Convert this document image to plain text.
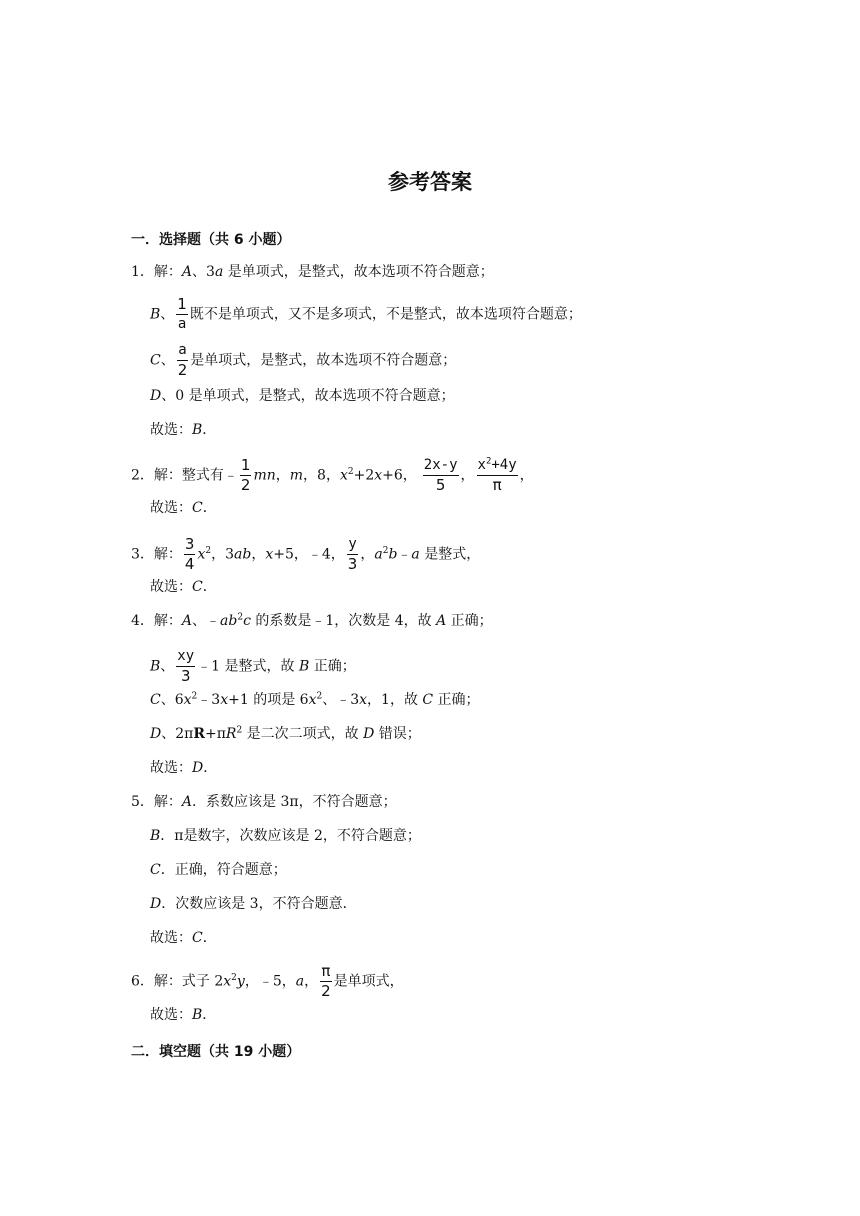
参考答案
一．选择题（共 6 小题）
1．解：A、3a 是单项式，是整式，故本选项不符合题意；
B、 $\frac{1}{a}$ 既不是单项式，又不是多项式，不是整式，故本选项符合题意；
C、 $\frac{a}{2}$ 是单项式，是整式，故本选项不符合题意；
D、0 是单项式，是整式，故本选项不符合题意；
故选：B．
2．解：整式有﹣ $\frac{1}{2}$ mn，m，8，$x^2+2x+6$， $\frac{2x-y}{5}$ ， $\frac{x^2+4y}{\pi}$ ，
故选：C．
3．解： $\frac{3}{4} x^2$，3ab，x+5，﹣4， $\frac{y}{3}$ ，$a^2b﹣a$ 是整式，
故选：C．
4．解：A、$﹣ab^2c$ 的系数是﹣1，次数是 4，故 A 正确；
B、 $\frac{xy}{3}$ ﹣1 是整式，故 B 正确；
C、$6x^2﹣3x+1$ 的项是 $6x^2$、﹣3x，1，故 C 正确；
D、$2\pi R+\pi R^2$ 是二次二项式，故 D 错误；
故选：D．
5．解：A．系数应该是 3π，不符合题意；
B．π是数字，次数应该是 2，不符合题意；
C．正确，符合题意；
D．次数应该是 3，不符合题意．
故选：C．
6．解：式子 $2x^2y$，﹣5，a， $\frac{\pi}{2}$ 是单项式，
故选：B．
二．填空题（共 19 小题）
